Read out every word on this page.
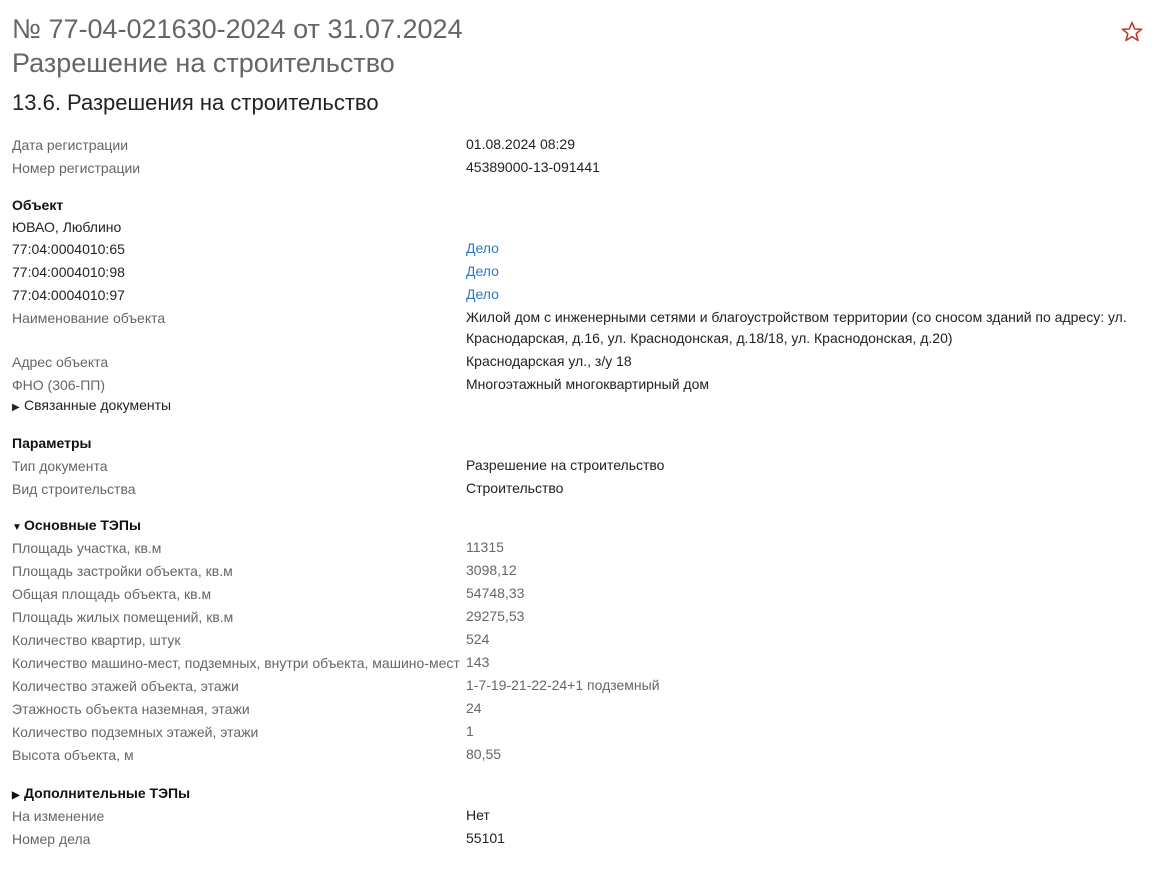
№ 77-04-021630-2024 от 31.07.2024
Разрешение на строительство
13.6. Разрешения на строительство
Дата регистрации	01.08.2024 08:29
Номер регистрации	45389000-13-091441
Объект
ЮВАО, Люблино
77:04:0004010:65	Дело
77:04:0004010:98	Дело
77:04:0004010:97	Дело
Наименование объекта	Жилой дом с инженерными сетями и благоустройством территории (со сносом зданий по адресу: ул.
Краснодарская, д.16, ул. Краснодонская, д.18/18, ул. Краснодонская, д.20)
Адрес объекта	Краснодарская ул., з/у 18
ФНО (306-ПП)	Многоэтажный многоквартирный дом
▶ Связанные документы
Параметры
Тип документа	Разрешение на строительство
Вид строительства	Строительство
▼ Основные ТЭПы
Площадь участка, кв.м	11315
Площадь застройки объекта, кв.м	3098,12
Общая площадь объекта, кв.м	54748,33
Площадь жилых помещений, кв.м	29275,53
Количество квартир, штук	524
Количество машино-мест, подземных, внутри объекта, машино-мест 143
Количество этажей объекта, этажи	1-7-19-21-22-24+1 подземный
Этажность объекта наземная, этажи	24
Количество подземных этажей, этажи	1
Высота объекта, м	80,55
▶ Дополнительные ТЭПы
На изменение	Нет
Номер дела	55101
